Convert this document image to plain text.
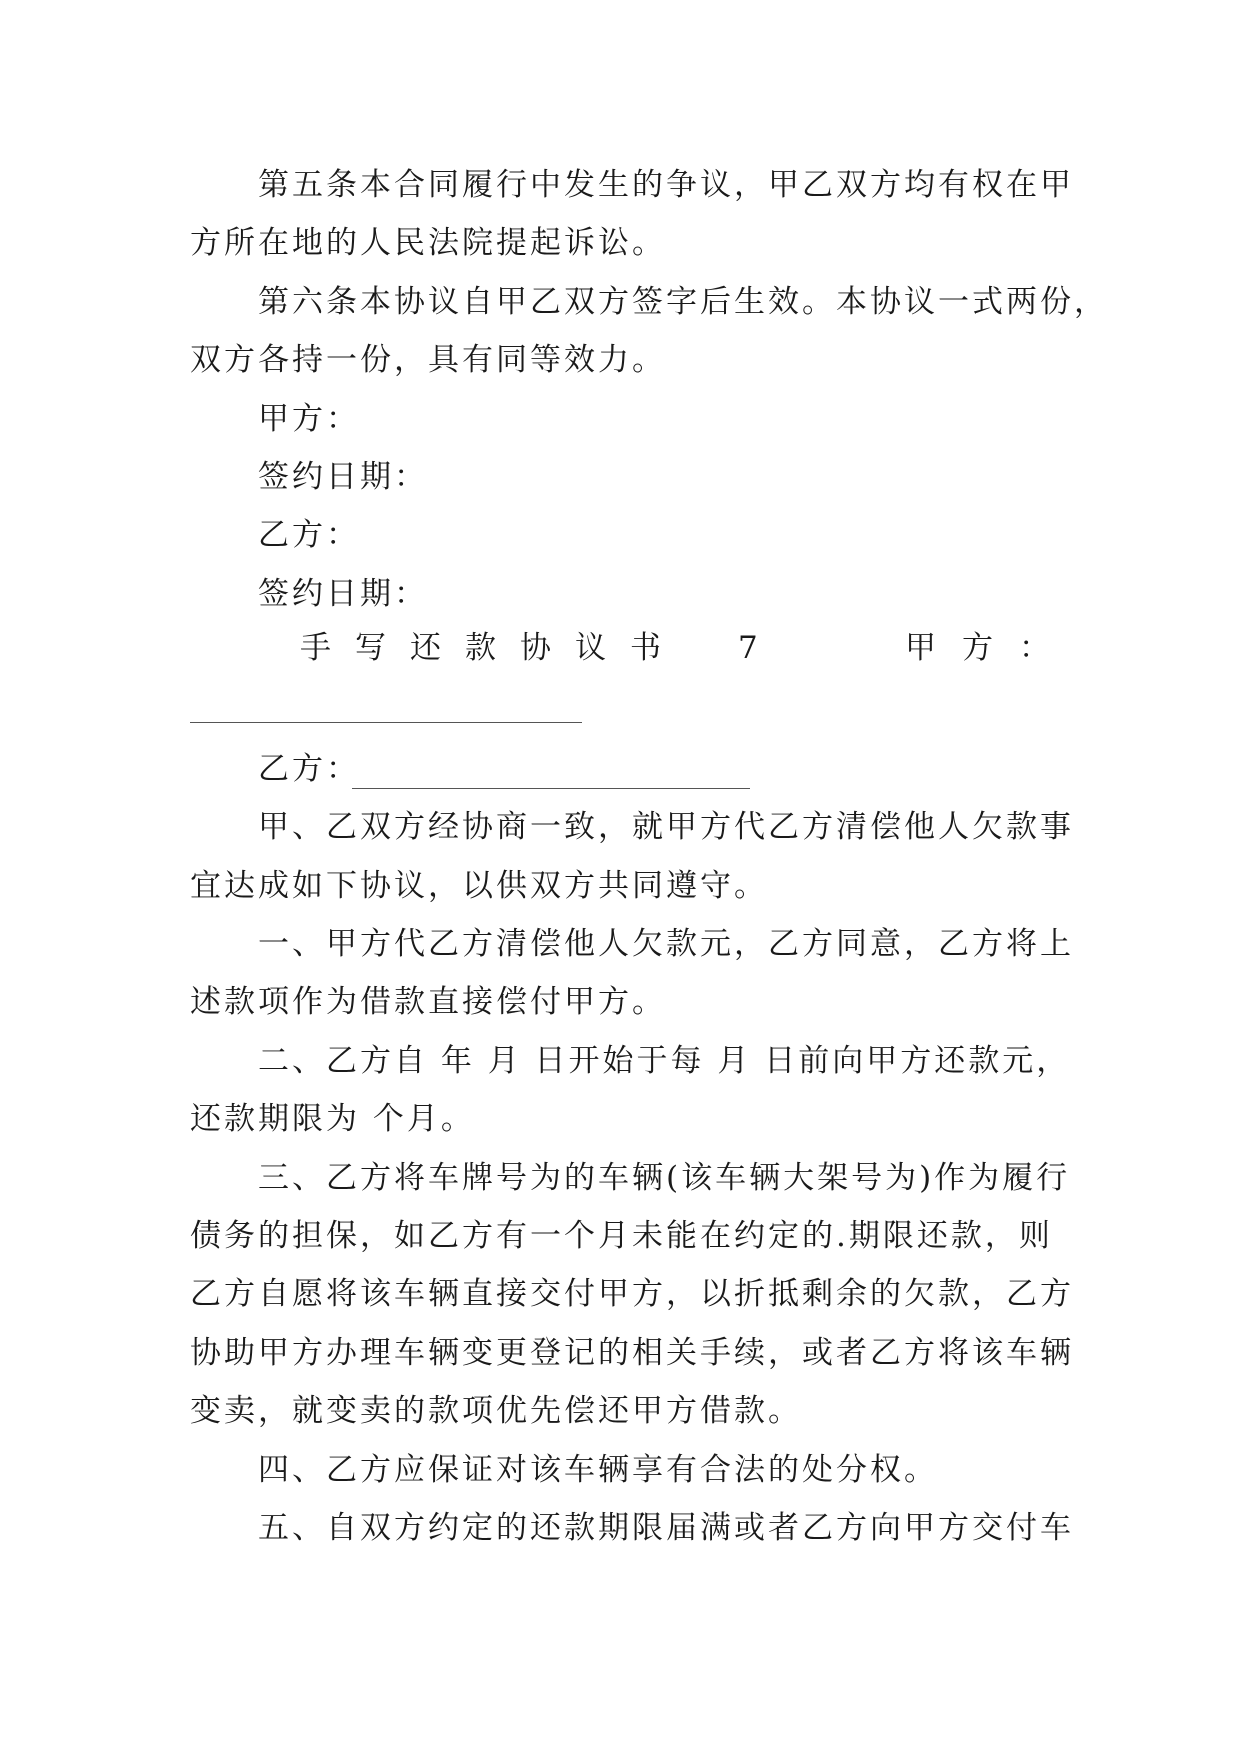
第五条本合同履行中发生的争议，甲乙双方均有权在甲
方所在地的人民法院提起诉讼。
第六条本协议自甲乙双方签字后生效。本协议一式两份，
双方各持一份，具有同等效力。
甲方：
签约日期：
乙方：
签约日期：
手写还款协议书 7	甲方：
乙方：
甲、乙双方经协商一致，就甲方代乙方清偿他人欠款事
宜达成如下协议，以供双方共同遵守。
一、甲方代乙方清偿他人欠款元，乙方同意，乙方将上
述款项作为借款直接偿付甲方。
二、乙方自 年 月 日开始于每 月 日前向甲方还款元，
还款期限为 个月。
三、乙方将车牌号为的车辆(该车辆大架号为)作为履行
债务的担保，如乙方有一个月未能在约定的.期限还款，则
乙方自愿将该车辆直接交付甲方，以折抵剩余的欠款，乙方
协助甲方办理车辆变更登记的相关手续，或者乙方将该车辆
变卖，就变卖的款项优先偿还甲方借款。
四、乙方应保证对该车辆享有合法的处分权。
五、自双方约定的还款期限届满或者乙方向甲方交付车
